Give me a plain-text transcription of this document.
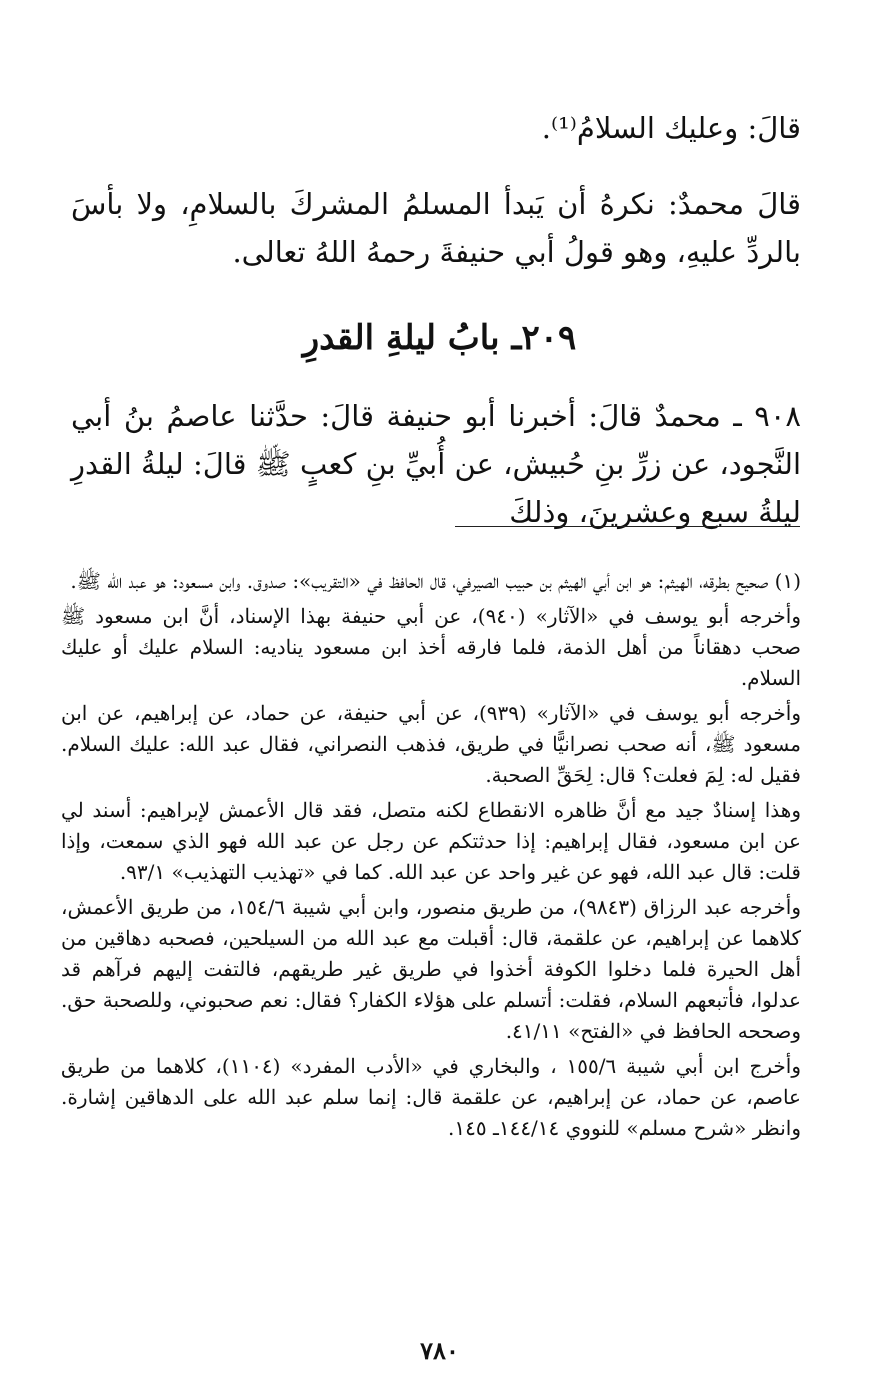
قالَ: وعليك السلامُ⁽¹⁾.

قالَ محمدٌ: نكرهُ أن يَبدأ المسلمُ المشركَ بالسلامِ، ولا بأسَ بالردِّ عليهِ، وهو قولُ أبي حنيفةَ رحمهُ اللهُ تعالى.

٢٠٩ـ بابُ ليلةِ القدرِ

٩٠٨ ـ محمدٌ قالَ: أخبرنا أبو حنيفة قالَ: حدَّثنا عاصمُ بنُ أبي النَّجود، عن زرِّ بنِ حُبيش، عن أُبيِّ بنِ كعبٍ ﷺ قالَ: ليلةُ القدرِ ليلةُ سبع وعشرينَ، وذلكَ

(١) صحيح بطرقه، الهيثم: هو ابن أبي الهيثم بن حبيب الصيرفي، قال الحافظ في «التقريب»: صدوق. وابن مسعود: هو عبد الله ﷺ.

وأخرجه أبو يوسف في «الآثار» (٩٤٠)، عن أبي حنيفة بهذا الإسناد، أنَّ ابن مسعود ﷺ صحب دهقاناً من أهل الذمة، فلما فارقه أخذ ابن مسعود يناديه: السلام عليك أو عليك السلام.

وأخرجه أبو يوسف في «الآثار» (٩٣٩)، عن أبي حنيفة، عن حماد، عن إبراهيم، عن ابن مسعود ﷺ، أنه صحب نصرانيًّا في طريق، فذهب النصراني، فقال عبد الله: عليك السلام. فقيل له: لِمَ فعلت؟ قال: لِحَقِّ الصحبة.

وهذا إسنادٌ جيد مع أنَّ ظاهره الانقطاع لكنه متصل، فقد قال الأعمش لإبراهيم: أسند لي عن ابن مسعود، فقال إبراهيم: إذا حدثتكم عن رجل عن عبد الله فهو الذي سمعت، وإذا قلت: قال عبد الله، فهو عن غير واحد عن عبد الله. كما في «تهذيب التهذيب» ٩٣/١.

وأخرجه عبد الرزاق (٩٨٤٣)، من طريق منصور، وابن أبي شيبة ١٥٤/٦، من طريق الأعمش، كلاهما عن إبراهيم، عن علقمة، قال: أقبلت مع عبد الله من السيلحين، فصحبه دهاقين من أهل الحيرة فلما دخلوا الكوفة أخذوا في طريق غير طريقهم، فالتفت إليهم فرآهم قد عدلوا، فأتبعهم السلام، فقلت: أتسلم على هؤلاء الكفار؟ فقال: نعم صحبوني، وللصحبة حق. وصححه الحافظ في «الفتح» ٤١/١١.

وأخرج ابن أبي شيبة ١٥٥/٦ ، والبخاري في «الأدب المفرد» (١١٠٤)، كلاهما من طريق عاصم، عن حماد، عن إبراهيم، عن علقمة قال: إنما سلم عبد الله على الدهاقين إشارة. وانظر «شرح مسلم» للنووي ١٤٤/١٤ـ ١٤٥.

٧٨٠
